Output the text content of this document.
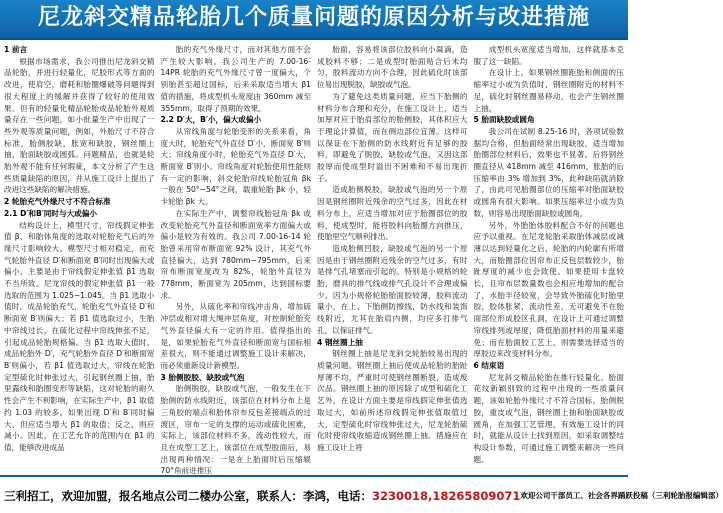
尼龙斜交精品轮胎几个质量问题的原因分析与改进措施
1 前言

根据市场需求，我公司推出尼龙斜交精品轮胎，并进行轻量化，尼胶形式等方面的改进，使肩空，磨耗和胎圈爆破等问题得到很大程度上的缓解并获得了较好的使用效果。但有的轻量化精品轮胎成品轮胎外观质量存在一些问题，如小批量生产中出现了一些外观等质量问题，例如，外胎尺寸不符合标准，胎侧胶缺，胀宽和缺胶，钢丝圈上抽，胎面缺胶或圆弧。问题精品，也就是轮胎外观不能有任何瑕疵，本文分析了产生这些质量缺陷的原因，并从施工设计上提出了改进这些缺陷的解决措施。

2 轮胎充气外缘尺寸不符合标准
2.1 D′和B′同时与大或偏小

结构设计上，模型尺寸，帘线假定伸张值 β，和胎体角度的选取对轮胎充气后的外缘尺寸影响较大。模型尺寸相对稳定，而充气轮胎外直径 D′和断面宽 B′同时出现偏大或偏小，主要是由于帘线假定伸张值 β1 选取不当所致。尼龙帘线的假定伸张值 β1 一般选取的范围为 1.025~1.045。当 β1 选取小值时，成品轮胎充气，轮胎充气外直径 D′和断面宽 B′则偏大；若 β1 值选取过小，生胎中帘线过长，在硫化过程中帘线伸张不足，引起成品轮胎规格偏。当 β1 选取大值时，成品轮胎外 D′，充气轮胎外直径 D′和断面宽 B′则偏小，若 β1 值选取过大，帘线在轮胎定型硫化时伸张过大，引起钢丝圈上抽，胎里露线和胎圈变形等缺陷，这对轮胎的耐久性会产生不利影响，在实际生产中，β1 取值约 1.03 的较多。如果出现 D′和 B′同时偏大，但应适当增大 β1 的取值；反之，则应减小。因此，在工艺允许的范围内在 β1 的值，能够改进成品

胎的充气外缘尺寸，而对其他方面不会产生较大影响。我公司生产的 7.00-16-14PR 轮胎的充气外缘尺寸曾一度偏大，个别胎甚至超过国标，后来采取适当增大 β1 值的措施，将成型机头宽度由 360mm 减至 355mm，取得了预期的效果。

2.2 D′大，B′小，偏大或偏小

从帘线角度与轮胎变形的关系来看，角度大时，轮胎充气外直径 D′小，断面宽 B′则大；帘线角度小时，轮胎充气外直径 D′大，断面宽 B′则小。帘线角度对轮胎使用性能则有一定的影响，斜交轮胎帘线轮胎冠角 βk 一般在 50°~54°之间，载重轮胎 βk 小，轻卡轮胎 βk 大。

在实际生产中，调整帘线胎冠角 βk 或改变轮胎充气外直径和断面宽率方面偏大或偏小是较为有效的。我公司 7.00-16-14 轮胎曾采用帘布断面宽 92% 设计，其充气外直径偏大，达到 780mm~795mm，后来帘布断面宽度改为 82%，轮胎外直径为 778mm，断面宽为 205mm，达到国标要求。

另外，从硫化率和帘线冲击角，增加硫冲层或相对增大绳冲层角度，对控制轮胎充气外直径偏大有一定的作用。值得指出的是，如果轮胎充气外直径和断面宽与国标相差很大，则不能通过调整施工设计来解决，而必须重新设计新模型。

3 胎侧胶胶、缺胶或气泡

胎侧脱胶，缺胶或气泡，一般发生在下胎侧的防水线附近，该部位在材料分布上是三角胶的端点和胎体帘布反包差接端点的过渡区，帘布一定的支撑的运动或硫化困难，实际上，该部位材料不多，流动性较大，而且在成型工艺上，该部位在成型胶面后，易出现两种情况：一是在上胎面时后压缩辊 70°角前进推压

胎面，容易将该部位胶料向小凝滴，造成胶料不够；二是成型时胎面贴合后未均匀，胶料流动方向不合理，因此硫化时该部位易出现脱胶，缺胶或气泡。

为了避免这类质量问题，应当下胎侧的材料分布合理和充分，在施工设计上，适当加厚对应于胎肩部位的胎侧胶，其体积应大于理论计算值，而在侧边部位宜薄。这样可以保证在下胎侧的防水线附近有足够的胶料，即避免了脱胶，缺胶或气泡，又因这部胶厚而使成型时溢出不困难和不易出现折子。

造成胎侧脱胶，缺胶或气泡的另一个原因是钢丝圈附近残余的空气过多，因此在材料分布上，应适当增加对应于胎圈部位的胶料，使成型时，能将胶料向胎圈方向推压，使胎里空气顺利排出。

造成胎侧凹胶，缺胶或气泡的另一个原因是由于钢丝圈附近残余的空气过多，有时是排气孔堵塞而引起的。特别是小规格的轮胎，磨具的排气线或排气孔设计不合理或偏少，因为小规格轮胎胎面胶较薄，胶料流动量小，在上、下胎侧防擦线，防水线和装饰线附近，尤其在胎肩内侧，均应多打排气孔，以保证排气。

4 钢丝圈上抽

钢丝圈上抽是尼龙斜交轮胎较易出现的质量问题。钢丝圈上抽后使成品轮胎的胎趾厚薄不均，严重时可使钢丝圈断裂，造成废次品。钢丝圈上抽的原因除了成型和硫化工艺外，在设计方面主要是帘线假定伸张值选取过大，如前所述帘线假定伸张值取值过大，定型硫化时帘线伸张过大，尼龙轮胎硫化时使帘线收缩造成钢丝圈上抽。措施应在施工设计上将

成型机头宽度适当增加，这样就基本克服了这一缺陷。

在设计上，如果钢丝圈距胎和侧面的压缩率过小或为负值时，钢丝圈附近的材料不足，硫化时钢丝圈易移动，也会产生钢丝圈上抽。

5 胎面缺胶或圆角

我公司在试制 8.25-16 时，各项试验数据均合格，但胎面经常出现缺胶，适当增加胎圈部位材料后，效果也不显著。后将钢丝圈直径从 418mm 减至 416mm，胀胎的后压缩率由 3% 增加到 3%，此种缺陷就消除了，由此可见胎圈部位的压缩率对胎面缺胶或圆角有很大影响。如果压缩率过小或为负数，则容易出现胎面缺胶或圆角。

另外，外胎胎体胶料配合不好的问题也应予以重视。在尼龙轮胎采取胎体减层或减薄以达到轻量化之后，轮胎的内轮廓有所增大，而胎圈部位因帘布正反包层数较少，胎趾厚度的减少也会致使。如果使用卡盘较长，且帘布层数量数也会相应地增加的配合了，水胎半径较宽，会导致外胎硫化时胎里胶，胶体胀紧，流动性差，无可避免不在胎面部位形成胶区孔洞，在设计上可通过调整帘线排列或厚度，降低胎面材料的用量来避免；而在胎面胶工艺上，则需要选择适当的厚胶边来改变材料分布。

6 结束语

尼龙斜交精品轮胎在推行轻量化、胎面花纹新颖别致的过程中出现的一些质量问题，该如轮胎外缘尺寸不符合国标，胎侧脱胶，重皮或气泡，钢丝圈上抽和胎面缺胶或圆角，在加强工艺管理，有效施工设计的同时，就能从设计上找到原因，如采取调整结构设计参数，可通过施工调整来解决一些问题。

三利招工，欢迎加盟，报名地点公司二楼办公室，联系人：李鸿，电话：3230018,18265809071 欢迎公司干部员工、社会各界踊跃投稿（三利轮胎报编辑部）
